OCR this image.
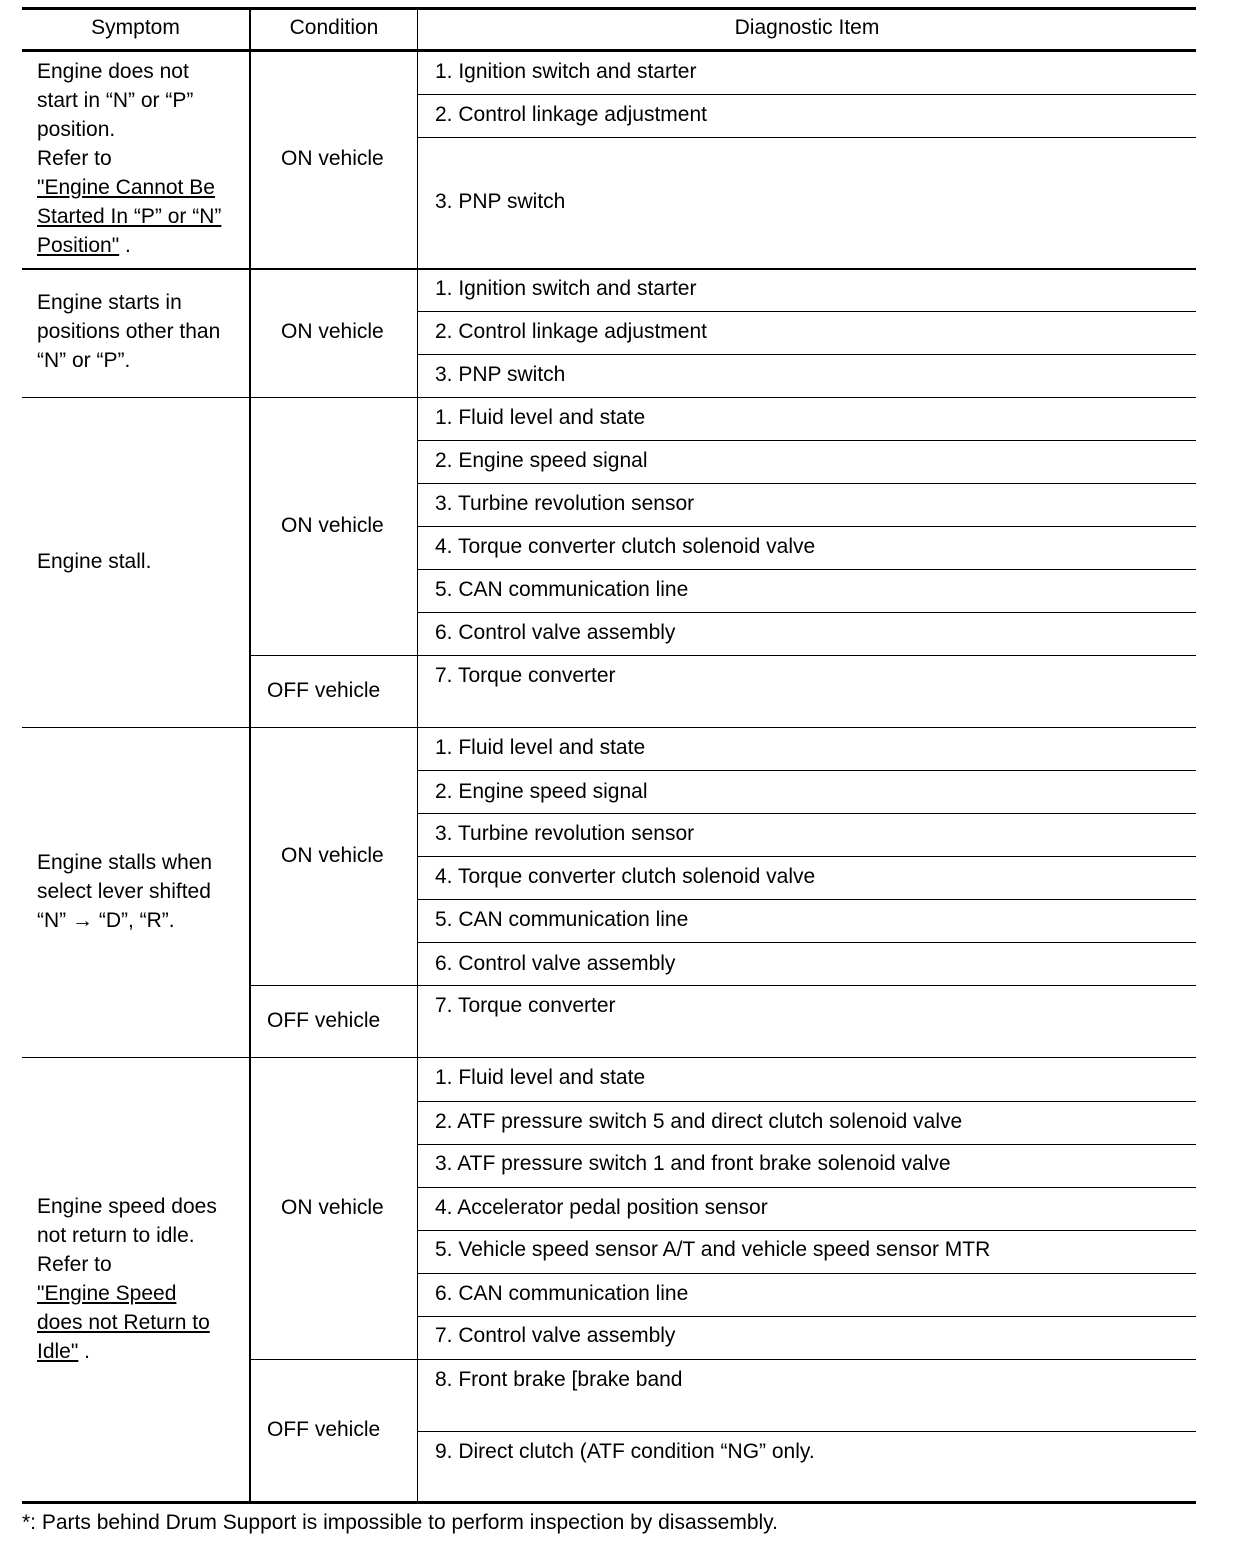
Symptom	Condition	Diagnostic Item
Engine does not
start in “N” or “P”
position.
Refer to
"Engine Cannot Be
Started In “P” or “N”
Position" .
ON vehicle
1. Ignition switch and starter
2. Control linkage adjustment
3. PNP switch
Engine starts in
positions other than
“N” or “P”.
ON vehicle
1. Ignition switch and starter
2. Control linkage adjustment
3. PNP switch
Engine stall.
ON vehicle
OFF vehicle
1. Fluid level and state
2. Engine speed signal
3. Turbine revolution sensor
4. Torque converter clutch solenoid valve
5. CAN communication line
6. Control valve assembly
7. Torque converter
Engine stalls when
select lever shifted
“N” → “D”, “R”.
ON vehicle
OFF vehicle
1. Fluid level and state
2. Engine speed signal
3. Turbine revolution sensor
4. Torque converter clutch solenoid valve
5. CAN communication line
6. Control valve assembly
7. Torque converter
Engine speed does
not return to idle.
Refer to
"Engine Speed
does not Return to
Idle" .
ON vehicle
OFF vehicle
1. Fluid level and state
2. ATF pressure switch 5 and direct clutch solenoid valve
3. ATF pressure switch 1 and front brake solenoid valve
4. Accelerator pedal position sensor
5. Vehicle speed sensor A/T and vehicle speed sensor MTR
6. CAN communication line
7. Control valve assembly
8. Front brake [brake band
9. Direct clutch (ATF condition “NG” only.
*: Parts behind Drum Support is impossible to perform inspection by disassembly.
